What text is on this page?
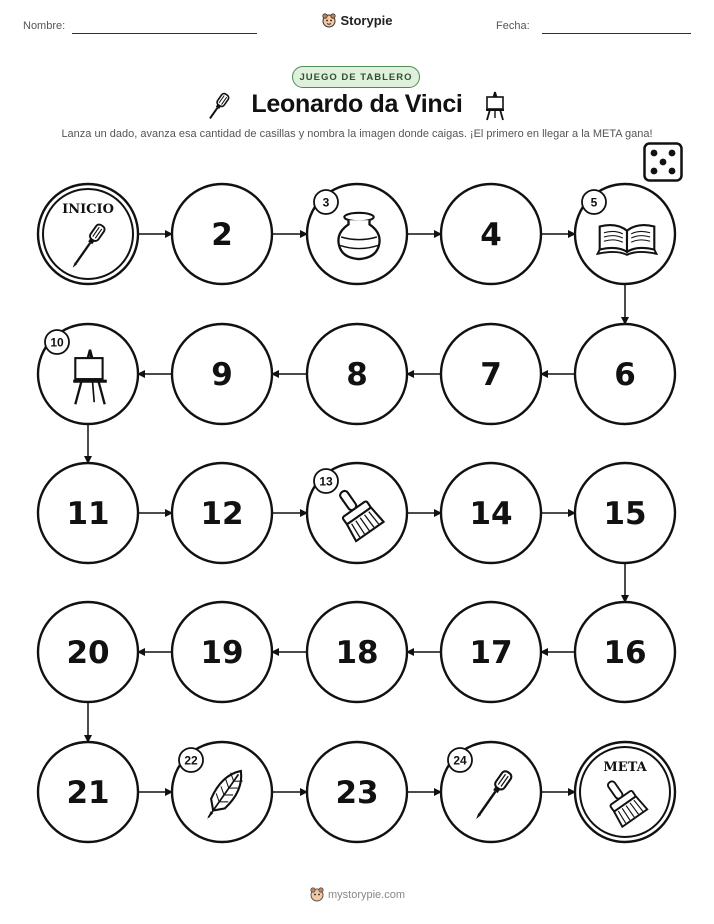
Nombre:	Storypie	Fecha:
JUEGO DE TABLERO
Leonardo da Vinci
Lanza un dado, avanza esa cantidad de casillas y nombra la imagen donde caigas. ¡El primero en llegar a la META gana!
INICIO
2
3
4
5
6
7
8
9
10
11	12
13
14	15
16
17
18
19
20
21
22
23
24	META
mystorypie.com
